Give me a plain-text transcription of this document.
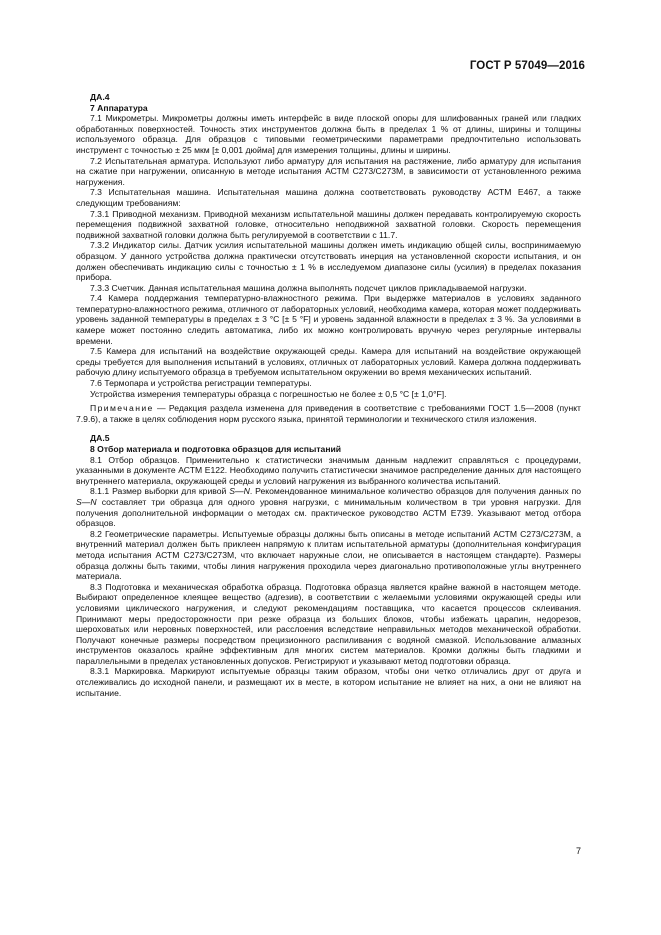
ГОСТ Р 57049—2016

ДА.4

7 Аппаратура

7.1 Микрометры. Микрометры должны иметь интерфейс в виде плоской опоры для шлифованных граней или гладких обработанных поверхностей. Точность этих инструментов должна быть в пределах 1 % от длины, ширины и толщины используемого образца. Для образцов с типовыми геометрическими параметрами предпочтительно использовать инструмент с точностью ± 25 мкм [± 0,001 дюйма] для измерения толщины, длины и ширины.

7.2 Испытательная арматура. Используют либо арматуру для испытания на растяжение, либо арматуру для испытания на сжатие при нагружении, описанную в методе испытания АСТМ С273/С273М, в зависимости от установленного режима нагружения.

7.3 Испытательная машина. Испытательная машина должна соответствовать руководству АСТМ Е467, а также следующим требованиям:

7.3.1 Приводной механизм. Приводной механизм испытательной машины должен передавать контролируемую скорость перемещения подвижной захватной головке, относительно неподвижной захватной головки. Скорость перемещения подвижной захватной головки должна быть регулируемой в соответствии с 11.7.

7.3.2 Индикатор силы. Датчик усилия испытательной машины должен иметь индикацию общей силы, воспринимаемую образцом. У данного устройства должна практически отсутствовать инерция на установленной скорости испытания, и он должен обеспечивать индикацию силы с точностью ± 1 % в исследуемом диапазоне силы (усилия) в пределах показания прибора.

7.3.3 Счетчик. Данная испытательная машина должна выполнять подсчет циклов прикладываемой нагрузки.

7.4 Камера поддержания температурно-влажностного режима. При выдержке материалов в условиях заданного температурно-влажностного режима, отличного от лабораторных условий, необходима камера, которая может поддерживать уровень заданной температуры в пределах ± 3 °С [± 5 °F] и уровень заданной влажности в пределах ± 3 %. За условиями в камере может постоянно следить автоматика, либо их можно контролировать вручную через регулярные интервалы времени.

7.5 Камера для испытаний на воздействие окружающей среды. Камера для испытаний на воздействие окружающей среды требуется для выполнения испытаний в условиях, отличных от лабораторных условий. Камера должна поддерживать рабочую длину испытуемого образца в требуемом испытательном окружении во время механических испытаний.

7.6 Термопара и устройства регистрации температуры.

Устройства измерения температуры образца с погрешностью не более ± 0,5 °С [± 1,0°F].

Примечание — Редакция раздела изменена для приведения в соответствие с требованиями ГОСТ 1.5—2008 (пункт 7.9.6), а также в целях соблюдения норм русского языка, принятой терминологии и технического стиля изложения.

ДА.5

8 Отбор материала и подготовка образцов для испытаний

8.1 Отбор образцов. Применительно к статистически значимым данным надлежит справляться с процедурами, указанными в документе АСТМ Е122. Необходимо получить статистически значимое распределение данных для настоящего внутреннего материала, окружающей среды и условий нагружения из выбранного количества испытаний.

8.1.1 Размер выборки для кривой S—N. Рекомендованное минимальное количество образцов для получения данных по S—N составляет три образца для одного уровня нагрузки, с минимальным количеством в три уровня нагрузки. Для получения дополнительной информации о методах см. практическое руководство АСТМ Е739. Указывают метод отбора образцов.

8.2 Геометрические параметры. Испытуемые образцы должны быть описаны в методе испытаний АСТМ С273/С273М, а внутренний материал должен быть приклеен напрямую к плитам испытательной арматуры (дополнительная конфигурация метода испытания АСТМ С273/С273М, что включает наружные слои, не описывается в настоящем стандарте). Размеры образца должны быть такими, чтобы линия нагружения проходила через диагонально противоположные углы внутреннего материала.

8.3 Подготовка и механическая обработка образца. Подготовка образца является крайне важной в настоящем методе. Выбирают определенное клеящее вещество (адгезив), в соответствии с желаемыми условиями окружающей среды или условиями циклического нагружения, и следуют рекомендациям поставщика, что касается процессов склеивания. Принимают меры предосторожности при резке образца из больших блоков, чтобы избежать царапин, недорезов, шероховатых или неровных поверхностей, или расслоения вследствие неправильных методов механической обработки. Получают конечные размеры посредством прецизионного распиливания с водяной смазкой. Использование алмазных инструментов оказалось крайне эффективным для многих систем материалов. Кромки должны быть гладкими и параллельными в пределах установленных допусков. Регистрируют и указывают метод подготовки образца.

8.3.1 Маркировка. Маркируют испытуемые образцы таким образом, чтобы они четко отличались друг от друга и отслеживались до исходной панели, и размещают их в месте, в котором испытание не влияет на них, а они не влияют на испытание.

7
